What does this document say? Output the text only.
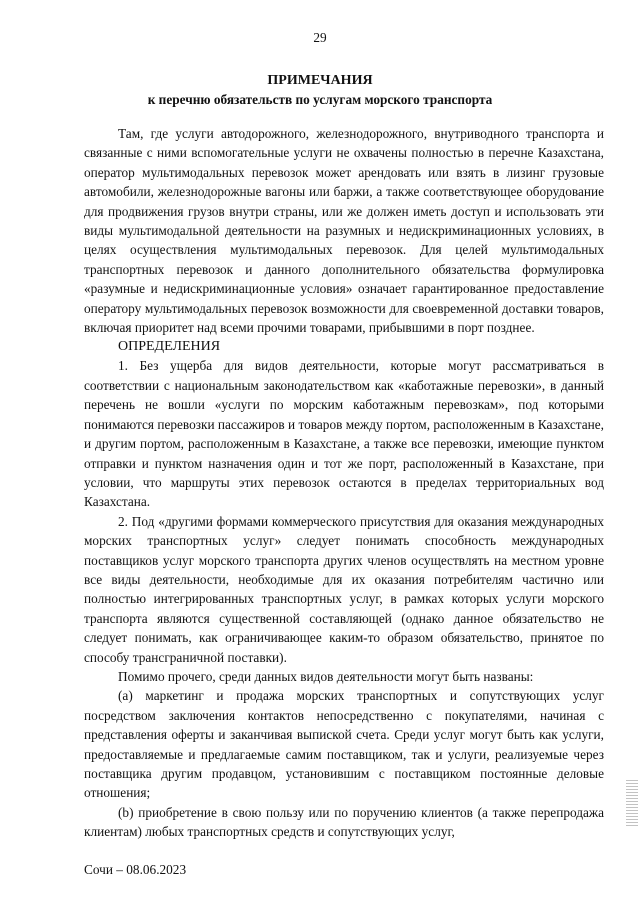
29
ПРИМЕЧАНИЯ
к перечню обязательств по услугам морского транспорта

Там, где услуги автодорожного, железнодорожного, внутриводного транспорта и связанные с ними вспомогательные услуги не охвачены полностью в перечне Казахстана, оператор мультимодальных перевозок может арендовать или взять в лизинг грузовые автомобили, железнодорожные вагоны или баржи, а также соответствующее оборудование для продвижения грузов внутри страны, или же должен иметь доступ и использовать эти виды мультимодальной деятельности на разумных и недискриминационных условиях, в целях осуществления мультимодальных перевозок. Для целей мультимодальных транспортных перевозок и данного дополнительного обязательства формулировка «разумные и недискриминационные условия» означает гарантированное предоставление оператору мультимодальных перевозок возможности для своевременной доставки товаров, включая приоритет над всеми прочими товарами, прибывшими в порт позднее.

ОПРЕДЕЛЕНИЯ

1. Без ущерба для видов деятельности, которые могут рассматриваться в соответствии с национальным законодательством как «каботажные перевозки», в данный перечень не вошли «услуги по морским каботажным перевозкам», под которыми понимаются перевозки пассажиров и товаров между портом, расположенным в Казахстане, и другим портом, расположенным в Казахстане, а также все перевозки, имеющие пунктом отправки и пунктом назначения один и тот же порт, расположенный в Казахстане, при условии, что маршруты этих перевозок остаются в пределах территориальных вод Казахстана.

2. Под «другими формами коммерческого присутствия для оказания международных морских транспортных услуг» следует понимать способность международных поставщиков услуг морского транспорта других членов осуществлять на местном уровне все виды деятельности, необходимые для их оказания потребителям частично или полностью интегрированных транспортных услуг, в рамках которых услуги морского транспорта являются существенной составляющей (однако данное обязательство не следует понимать, как ограничивающее каким-то образом обязательство, принятое по способу трансграничной поставки).

Помимо прочего, среди данных видов деятельности могут быть названы:

(a) маркетинг и продажа морских транспортных и сопутствующих услуг посредством заключения контактов непосредственно с покупателями, начиная с представления оферты и заканчивая выпиской счета. Среди услуг могут быть как услуги, предоставляемые и предлагаемые самим поставщиком, так и услуги, реализуемые через поставщика другим продавцом, установившим с поставщиком постоянные деловые отношения;

(b) приобретение в свою пользу или по поручению клиентов (а также перепродажа клиентам) любых транспортных средств и сопутствующих услуг,

Сочи – 08.06.2023
